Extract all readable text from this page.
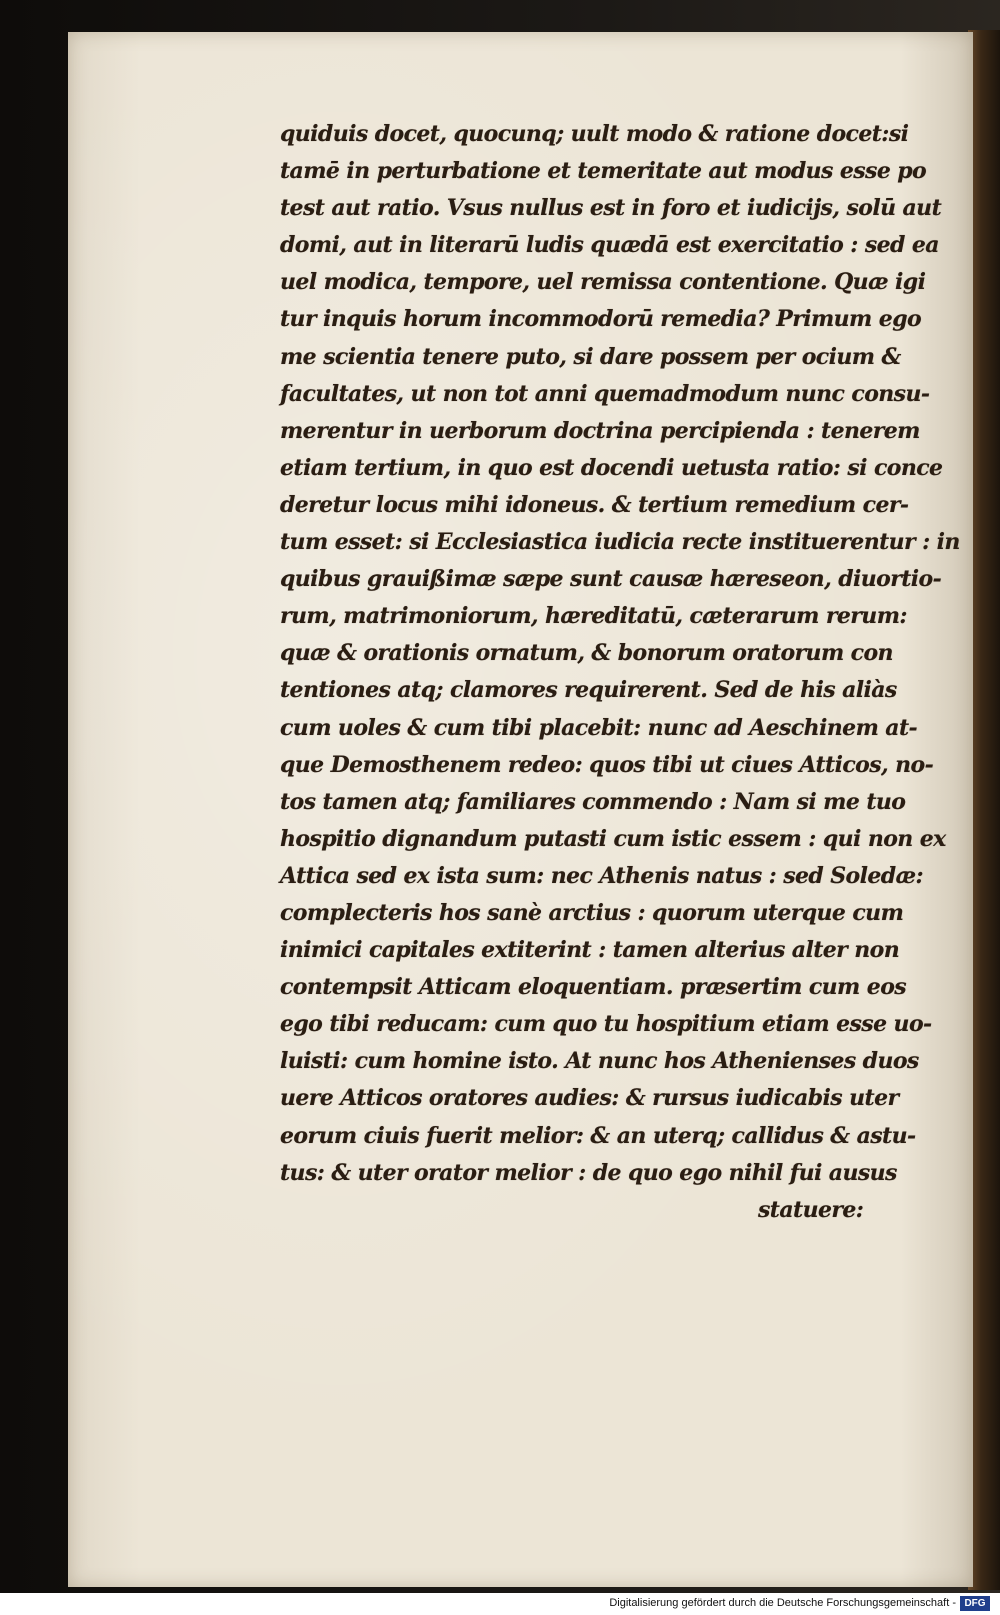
quiduis docet, quocunq; uult modo & ratione docet:si
tamē in perturbatione et temeritate aut modus esse po
test aut ratio. Vsus nullus est in foro et iudicijs, solū aut
domi, aut in literarū ludis quædā est exercitatio : sed ea
uel modica, tempore, uel remissa contentione. Quæ igi
tur inquis horum incommodorū remedia? Primum ego
me scientia tenere puto, si dare possem per ocium &
facultates, ut non tot anni quemadmodum nunc consu-
merentur in uerborum doctrina percipienda : tenerem
etiam tertium, in quo est docendi uetusta ratio: si conce
deretur locus mihi idoneus. & tertium remedium cer-
tum esset: si Ecclesiastica iudicia recte instituerentur : in
quibus grauißimæ sæpe sunt causæ hæreseon, diuortio-
rum, matrimoniorum, hæreditatū, cæterarum rerum:
quæ & orationis ornatum, & bonorum oratorum con
tentiones atq; clamores requirerent. Sed de his aliàs
cum uoles & cum tibi placebit: nunc ad Aeschinem at-
que Demosthenem redeo: quos tibi ut ciues Atticos, no-
tos tamen atq; familiares commendo : Nam si me tuo
hospitio dignandum putasti cum istic essem : qui non ex
Attica sed ex ista sum: nec Athenis natus : sed Soledæ:
complecteris hos sanè arctius : quorum uterque cum
inimici capitales extiterint : tamen alterius alter non
contempsit Atticam eloquentiam. præsertim cum eos
ego tibi reducam: cum quo tu hospitium etiam esse uo-
luisti: cum homine isto. At nunc hos Athenienses duos
uere Atticos oratores audies: & rursus iudicabis uter
eorum ciuis fuerit melior: & an uterq; callidus & astu-
tus: & uter orator melior : de quo ego nihil fui ausus
statuere:
Digitalisierung gefördert durch die Deutsche Forschungsgemeinschaft - DFG
